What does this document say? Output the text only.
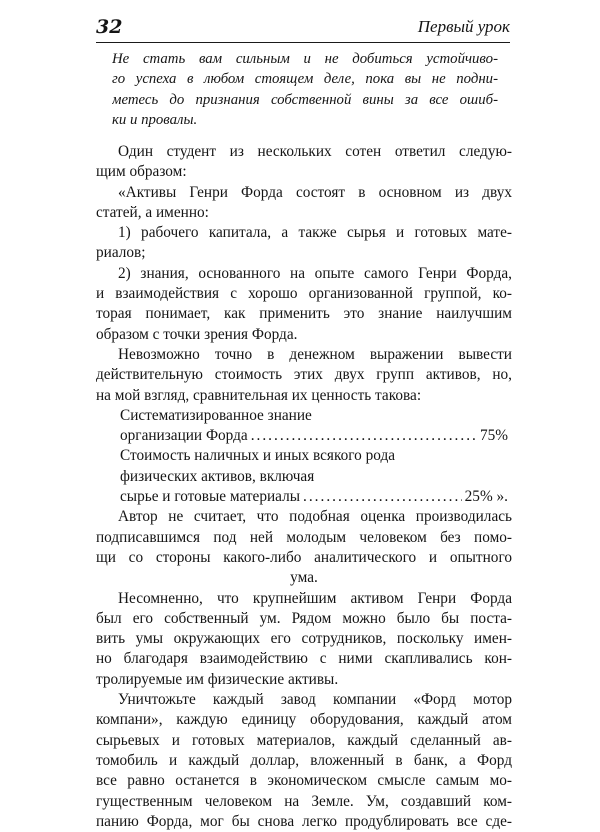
32	Первый урок
Не стать вам сильным и не добиться устойчиво-
го успеха в любом стоящем деле, пока вы не подни-
метесь до признания собственной вины за все ошиб-
ки и провалы.
Один студент из нескольких сотен ответил следую-
щим образом:
«Активы Генри Форда состоят в основном из двух
статей, а именно:
1) рабочего капитала, а также сырья и готовых мате-
риалов;
2) знания, основанного на опыте самого Генри Форда,
и взаимодействия с хорошо организованной группой, ко-
торая понимает, как применить это знание наилучшим
образом с точки зрения Форда.
Невозможно точно в денежном выражении вывести
действительную стоимость этих двух групп активов, но,
на мой взгляд, сравнительная их ценность такова:
Систематизированное знание
организации Форда .....	75%
Стоимость наличных и иных всякого рода
физических активов, включая
сырье и готовые материалы .....	25% ».
Автор не считает, что подобная оценка производилась
подписавшимся под ней молодым человеком без помо-
щи со стороны какого-либо аналитического и опытного
ума.
Несомненно, что крупнейшим активом Генри Форда
был его собственный ум. Рядом можно было бы поста-
вить умы окружающих его сотрудников, поскольку имен-
но благодаря взаимодействию с ними скапливались кон-
тролируемые им физические активы.
Уничтожьте каждый завод компании «Форд мотор
компани», каждую единицу оборудования, каждый атом
сырьевых и готовых материалов, каждый сделанный ав-
томобиль и каждый доллар, вложенный в банк, а Форд
все равно останется в экономическом смысле самым мо-
гущественным человеком на Земле. Ум, создавший ком-
панию Форда, мог бы снова легко продублировать все сде-
